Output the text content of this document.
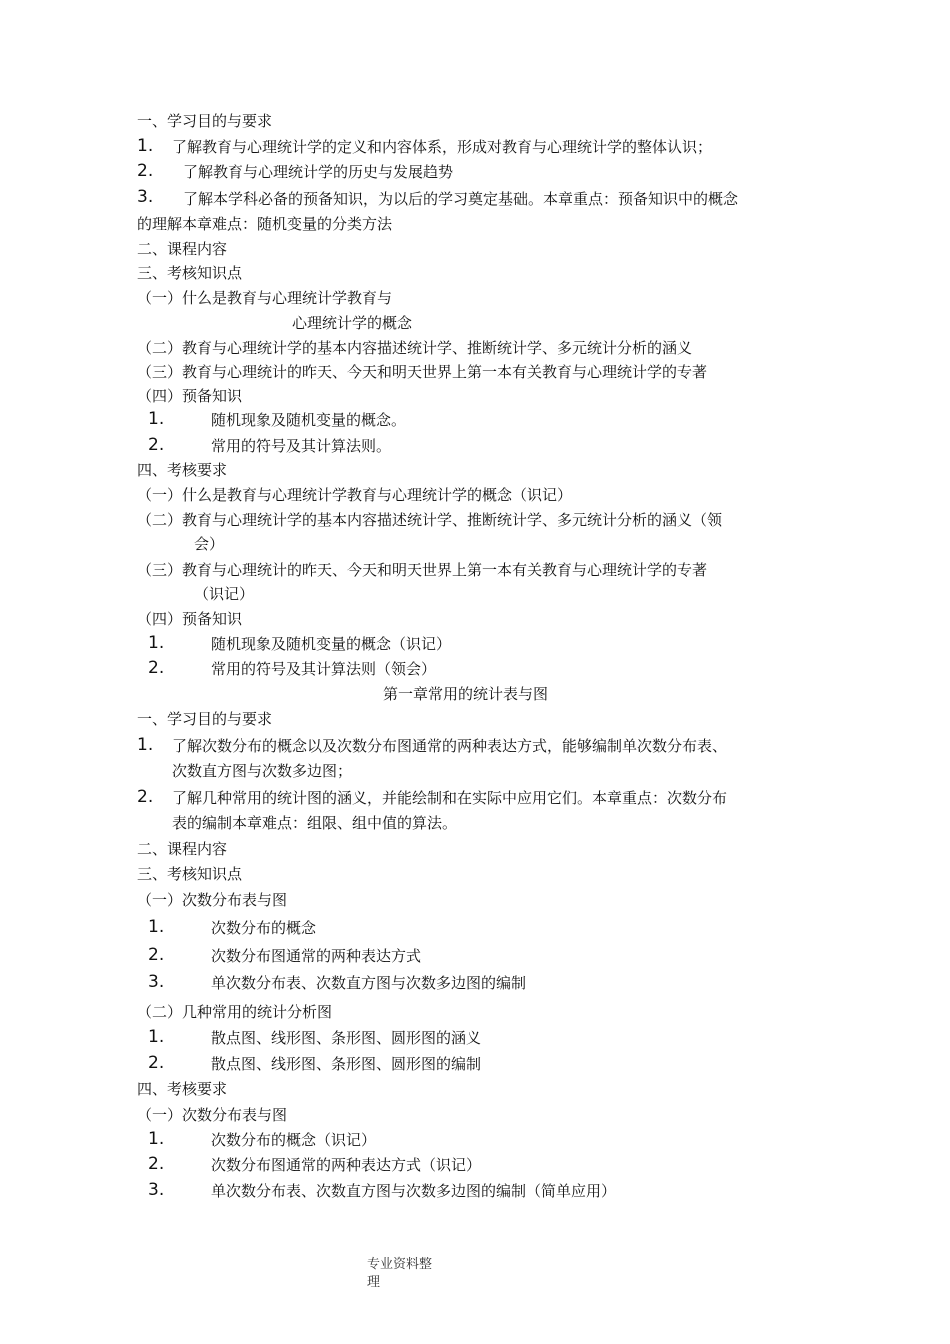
一、学习目的与要求
1. 了解教育与心理统计学的定义和内容体系，形成对教育与心理统计学的整体认识；
2. 了解教育与心理统计学的历史与发展趋势
3. 了解本学科必备的预备知识，为以后的学习奠定基础。本章重点：预备知识中的概念
的理解本章难点：随机变量的分类方法
二、课程内容
三、考核知识点
（一）什么是教育与心理统计学教育与
心理统计学的概念
（二）教育与心理统计学的基本内容描述统计学、推断统计学、多元统计分析的涵义
（三）教育与心理统计的昨天、今天和明天世界上第一本有关教育与心理统计学的专著
（四）预备知识
1.	随机现象及随机变量的概念。
2.	常用的符号及其计算法则。
四、考核要求
（一）什么是教育与心理统计学教育与心理统计学的概念（识记）
（二）教育与心理统计学的基本内容描述统计学、推断统计学、多元统计分析的涵义（领
会）
（三）教育与心理统计的昨天、今天和明天世界上第一本有关教育与心理统计学的专著
（识记）
（四）预备知识
1.	随机现象及随机变量的概念（识记）
2.	常用的符号及其计算法则（领会）
第一章常用的统计表与图
一、学习目的与要求
1. 了解次数分布的概念以及次数分布图通常的两种表达方式，能够编制单次数分布表、
次数直方图与次数多边图；
2. 了解几种常用的统计图的涵义，并能绘制和在实际中应用它们。本章重点：次数分布
表的编制本章难点：组限、组中值的算法。
二、课程内容
三、考核知识点
（一）次数分布表与图
1.	次数分布的概念
2.	次数分布图通常的两种表达方式
3.	单次数分布表、次数直方图与次数多边图的编制
（二）几种常用的统计分析图
1.	散点图、线形图、条形图、圆形图的涵义
2.	散点图、线形图、条形图、圆形图的编制
四、考核要求
（一）次数分布表与图
1.	次数分布的概念（识记）
2.	次数分布图通常的两种表达方式（识记）
3.	单次数分布表、次数直方图与次数多边图的编制（简单应用）
专业资料整
理
